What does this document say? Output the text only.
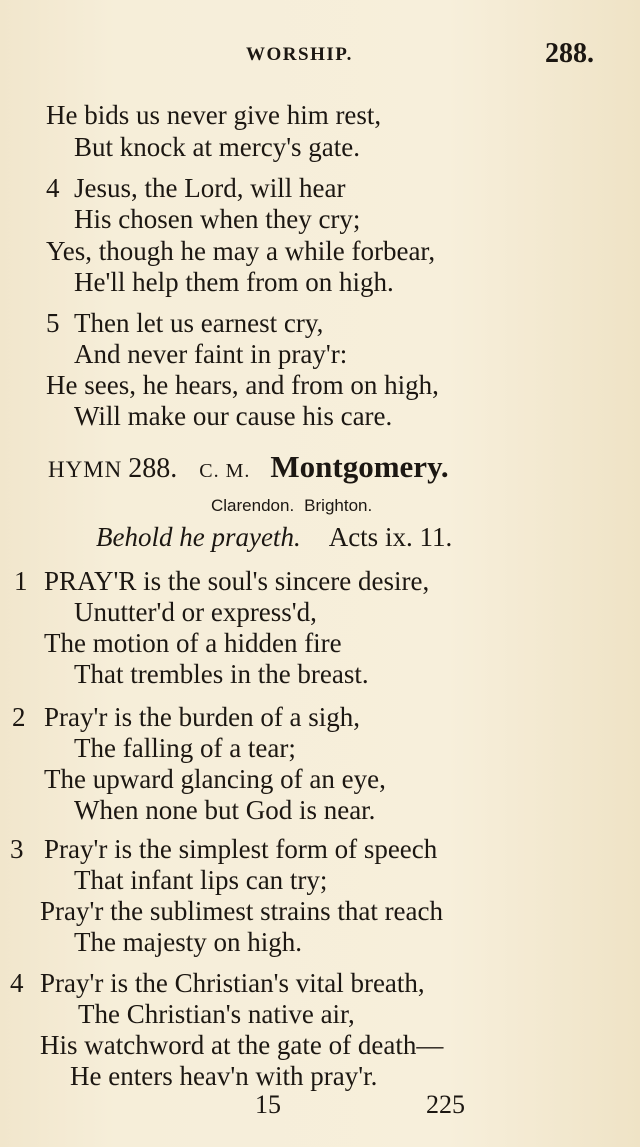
WORSHIP.	288.
He bids us never give him rest,
But knock at mercy's gate.
4 Jesus, the Lord, will hear
His chosen when they cry;
Yes, though he may a while forbear,
He'll help them from on high.
5 Then let us earnest cry,
And never faint in pray'r:
He sees, he hears, and from on high,
Will make our cause his care.
HYMN 288. C. M. Montgomery.
Clarendon. Brighton.
Behold he prayeth. Acts ix. 11.
1 PRAY'R is the soul's sincere desire,
Unutter'd or express'd,
The motion of a hidden fire
That trembles in the breast.
2 Pray'r is the burden of a sigh,
The falling of a tear;
The upward glancing of an eye,
When none but God is near.
3 Pray'r is the simplest form of speech
That infant lips can try;
Pray'r the sublimest strains that reach
The majesty on high.
4 Pray'r is the Christian's vital breath,
The Christian's native air,
His watchword at the gate of death—
He enters heav'n with pray'r.
15	225
